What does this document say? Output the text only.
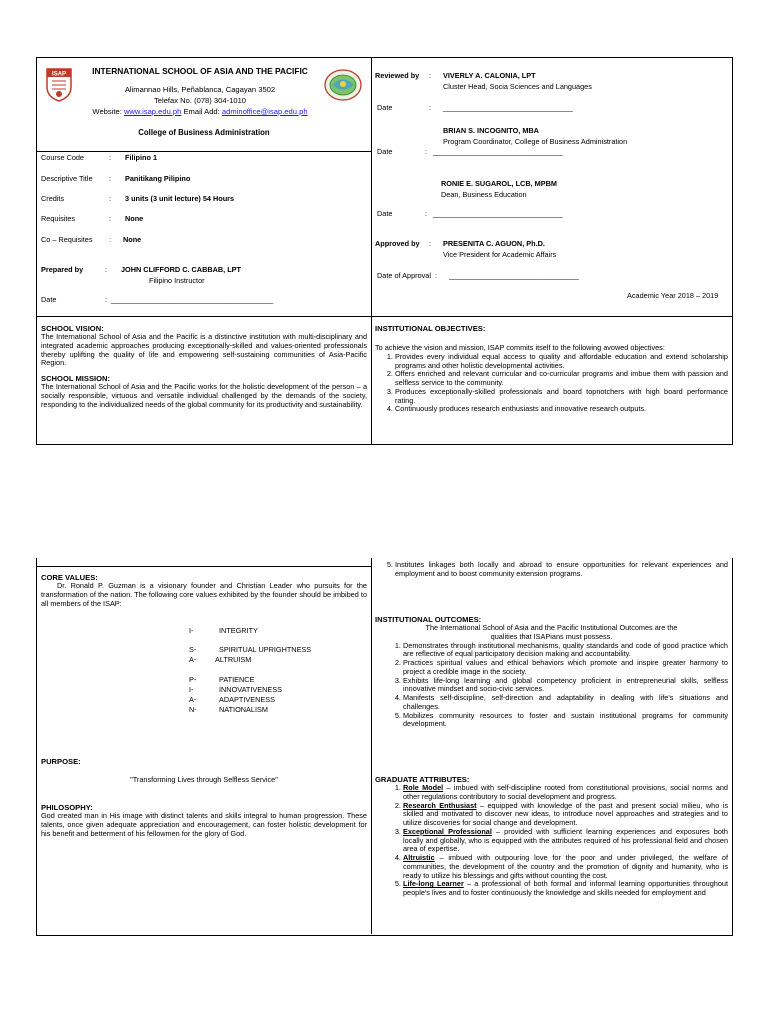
ISAP	INTERNATIONAL SCHOOL OF ASIA AND THE PACIFIC
Alimannao Hills, Peñablanca, Cagayan 3502
Telefax No. (078) 304-1010
Website: www.isap.edu.ph Email Add: adminoffice@isap.edu.ph
College of Business Administration
Course Code	: Filipino 1
Descriptive Title : Panitikang Pilipino
Credits	: 3 units (3 unit lecture) 54 Hours
Requisites	: None
Co – Requisites : None
Prepared by	: JOHN CLIFFORD C. CABBAB, LPT
Filipino Instructor
Date	: ________________________________________
Reviewed by : VIVERLY A. CALONIA, LPT
Cluster Head, Socia Sciences and Languages
Date	: ________________________________
BRIAN S. INCOGNITO, MBA
Program Coordinator, College of Business Administration
Date	: ________________________________
RONIE E. SUGAROL, LCB, MPBM
Dean, Business Education
Date	: ________________________________
Approved by : PRESENITA C. AGUON, Ph.D.
Vice President for Academic Affairs
Date of Approval : ________________________________
Academic Year 2018 – 2019
SCHOOL VISION:
The International School of Asia and the Pacific is a distinctive institution with multi-disciplinary and integrated academic approaches producing exceptionally-skilled and values-oriented professionals thereby uplifting the quality of life and empowering self-sustaining communities of Asia-Pacific Region.
SCHOOL MISSION:
The International School of Asia and the Pacific works for the holistic development of the person – a socially responsible, virtuous and versatile individual challenged by the demands of the society, responding to the individualized needs of the global community for its productivity and sustainability.
INSTITUTIONAL OBJECTIVES:
To achieve the vision and mission, ISAP commits itself to the following avowed objectives:
1. Provides every individual equal access to quality and affordable education and extend scholarship programs and other holistic developmental activities.
2. Offers enriched and relevant curricular and co-curricular programs and imbue them with passion and selfless service to the community.
3. Produces exceptionally-skilled professionals and board topnotchers with high board performance rating.
4. Continuously produces research enthusiasts and innovative research outputs.
CORE VALUES:
Dr. Ronald P. Guzman is a visionary founder and Christian Leader who pursuits for the transformation of the nation. The following core values exhibited by the founder should be imbibed to all members of the ISAP:
I-	INTEGRITY
S-	SPIRITUAL UPRIGHTNESS
A-	ALTRUISM
P-	PATIENCE
I-	INNOVATIVENESS
A-	ADAPTIVENESS
N-	NATIONALISM
PURPOSE:
"Transforming Lives through Selfless Service"
PHILOSOPHY:
God created man in His image with distinct talents and skills integral to human progression. These talents, once given adequate appreciation and encouragement, can foster holistic development for his benefit and betterment of his fellowmen for the glory of God.
5. Institutes linkages both locally and abroad to ensure opportunities for relevant experiences and employment and to boost community extension programs.
INSTITUTIONAL OUTCOMES:
The International School of Asia and the Pacific Institutional Outcomes are the qualities that ISAPians must possess.
1. Demonstrates through institutional mechanisms, quality standards and code of good practice which are reflective of equal participatory decision making and accountability.
2. Practices spiritual values and ethical behaviors which promote and inspire greater harmony to project a credible image in the society.
3. Exhibits life-long learning and global competency proficient in entrepreneurial skills, selfless innovative mindset and socio-civic services.
4. Manifests self-discipline, self-direction and adaptability in dealing with life's situations and challenges.
5. Mobilizes community resources to foster and sustain institutional programs for community development.
GRADUATE ATTRIBUTES:
1. Role Model – imbued with self-discipline rooted from constitutional provisions, social norms and other regulations contributory to social development and progress.
2. Research Enthusiast – equipped with knowledge of the past and present social milieu, who is skilled and motivated to discover new ideas, to introduce novel approaches and strategies and to utilize discoveries for social change and development.
3. Exceptional Professional – provided with sufficient learning experiences and exposures both locally and globally, who is equipped with the attributes required of his professional field and chosen area of expertise.
4. Altruistic – imbued with outpouring love for the poor and under privileged, the welfare of communities, the development of the country and the promotion of dignity and humanity, who is ready to utilize his blessings and gifts without counting the cost.
5. Life-long Learner – a professional of both formal and informal learning opportunities throughout people's lives and to foster continuously the knowledge and skills needed for employment and
